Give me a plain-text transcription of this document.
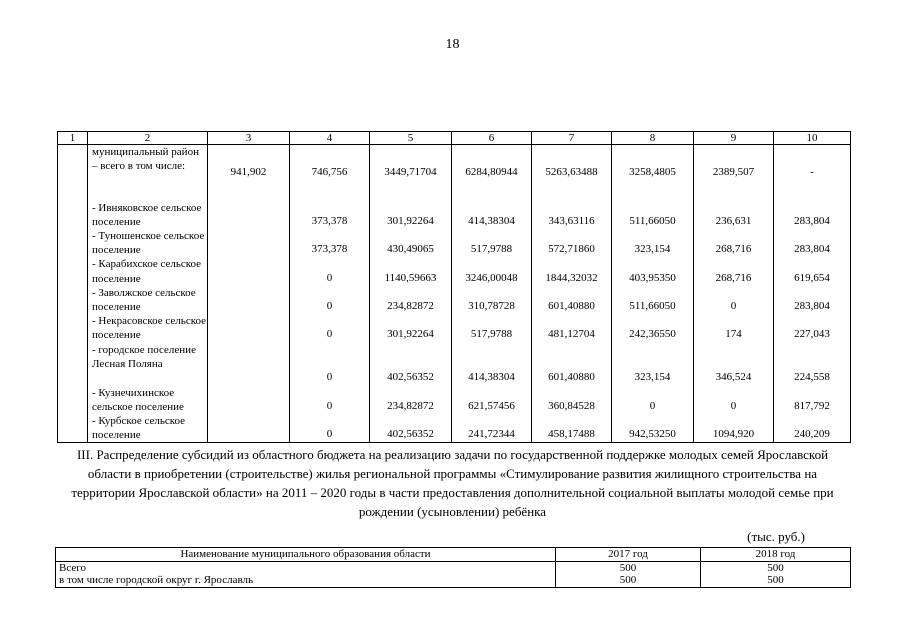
18
1	2	3	4	5	6	7	8	9	10
	муниципальный район – всего в том числе:	941,902	746,756	3449,71704	6284,80944	5263,63488	3258,4805	2389,507	-
	- Ивняковское сельское поселение		373,378	301,92264	414,38304	343,63116	511,66050	236,631	283,804
	- Туношенское сельское поселение		373,378	430,49065	517,9788	572,71860	323,154	268,716	283,804
	- Карабихское сельское поселение		0	1140,59663	3246,00048	1844,32032	403,95350	268,716	619,654
	- Заволжское сельское поселение		0	234,82872	310,78728	601,40880	511,66050	0	283,804
	- Некрасовское сельское поселение		0	301,92264	517,9788	481,12704	242,36550	174	227,043
	- городское поселение Лесная Поляна		0	402,56352	414,38304	601,40880	323,154	346,524	224,558
	- Кузнечихинское сельское поселение		0	234,82872	621,57456	360,84528	0	0	817,792
	- Курбское сельское поселение		0	402,56352	241,72344	458,17488	942,53250	1094,920	240,209
III. Распределение субсидий из областного бюджета на реализацию задачи по государственной поддержке молодых семей Ярославской области в приобретении (строительстве) жилья региональной программы «Стимулирование развития жилищного строительства на территории Ярославской области» на 2011 – 2020 годы в части предоставления дополнительной социальной выплаты молодой семье при рождении (усыновлении) ребёнка
(тыс. руб.)
Наименование муниципального образования области	2017 год	2018 год
Всего	500	500
в том числе городской округ г. Ярославль	500	500
